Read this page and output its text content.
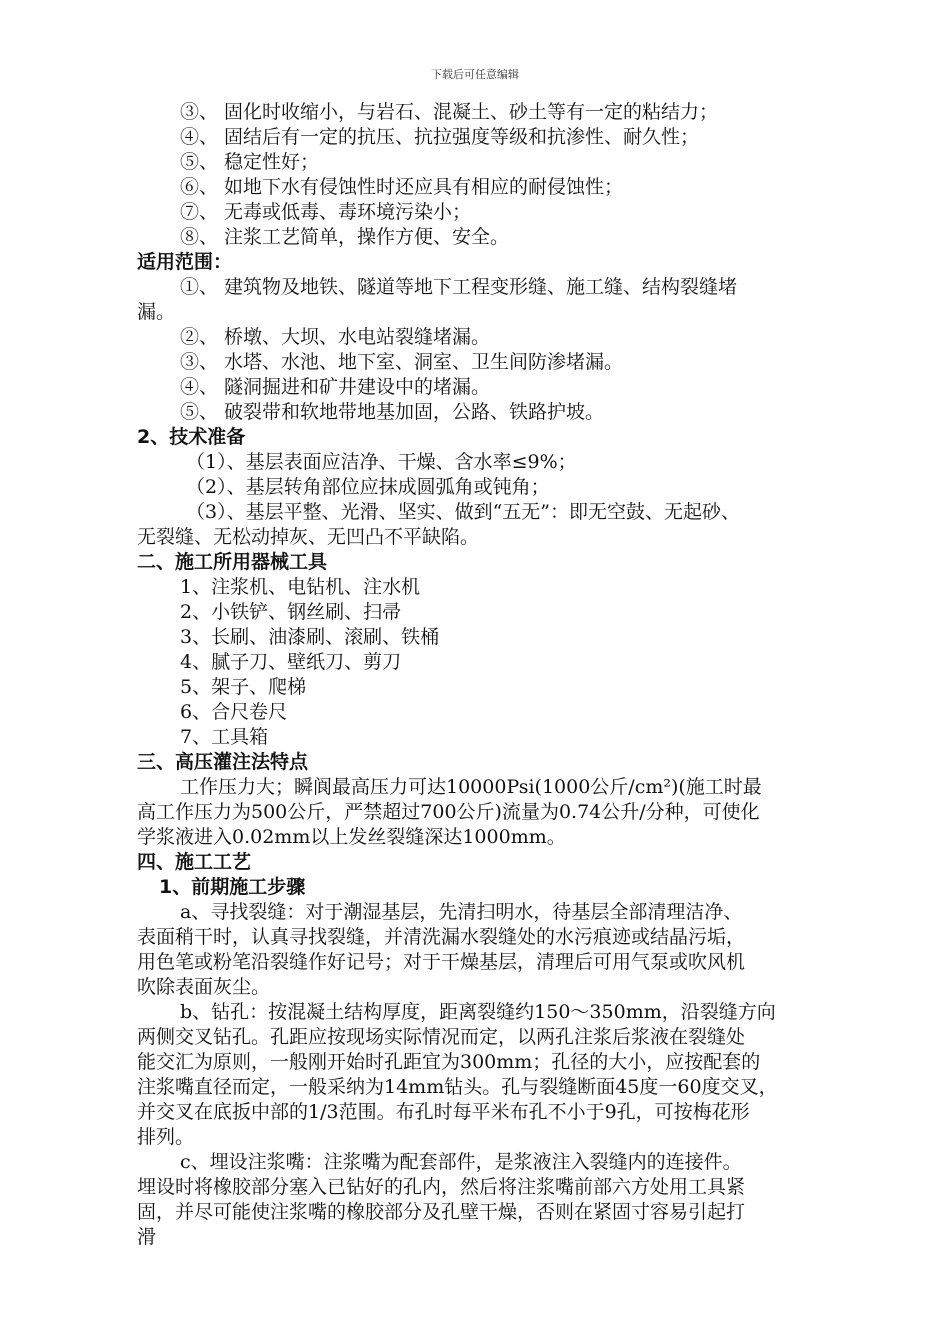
下载后可任意编辑
③、 固化时收缩小，与岩石、混凝土、砂土等有一定的粘结力；
④、 固结后有一定的抗压、抗拉强度等级和抗渗性、耐久性；
⑤、 稳定性好；
⑥、 如地下水有侵蚀性时还应具有相应的耐侵蚀性；
⑦、 无毒或低毒、毒环境污染小；
⑧、 注浆工艺简单，操作方便、安全。
适用范围：
①、 建筑物及地铁、隧道等地下工程变形缝、施工缝、结构裂缝堵
漏。
②、 桥墩、大坝、水电站裂缝堵漏。
③、 水塔、水池、地下室、洞室、卫生间防渗堵漏。
④、 隧洞掘进和矿井建设中的堵漏。
⑤、 破裂带和软地带地基加固，公路、铁路护坡。
2、技术准备
（1）、基层表面应洁净、干燥、含水率≤9%；
（2）、基层转角部位应抹成圆弧角或钝角；
（3）、基层平整、光滑、坚实、做到“五无”：即无空鼓、无起砂、
无裂缝、无松动掉灰、无凹凸不平缺陷。
二、施工所用器械工具
1、注浆机、电钻机、注水机
2、小铁铲、钢丝刷、扫帚
3、长刷、油漆刷、滚刷、铁桶
4、腻子刀、壁纸刀、剪刀
5、架子、爬梯
6、合尺卷尺
7、工具箱
三、高压灌注法特点
工作压力大；瞬阆最高压力可达10000Psi(1000公斤/cm²)(施工时最
高工作压力为500公斤，严禁超过700公斤)流量为0.74公升/分种，可使化
学浆液进入0.02mm以上发丝裂缝深达1000mm。
四、施工工艺
1、前期施工步骤
a、寻找裂缝：对于潮湿基层，先清扫明水，待基层全部清理洁净、
表面稍干时，认真寻找裂缝，并清洗漏水裂缝处的水污痕迹或结晶污垢，
用色笔或粉笔沿裂缝作好记号；对于干燥基层，清理后可用气泵或吹风机
吹除表面灰尘。
b、钻孔：按混凝土结构厚度，距离裂缝约150～350mm，沿裂缝方向
两侧交叉钻孔。孔距应按现场实际情况而定，以两孔注浆后浆液在裂缝处
能交汇为原则，一般刚开始时孔距宜为300mm；孔径的大小，应按配套的
注浆嘴直径而定，一般采纳为14mm钻头。孔与裂缝断面45度一60度交叉，
并交叉在底扳中部的1/3范围。布孔时每平米布孔不小于9孔，可按梅花形
排列。
c、埋设注浆嘴：注浆嘴为配套部件，是浆液注入裂缝内的连接件。
埋设时将橡胶部分塞入已钻好的孔内，然后将注浆嘴前部六方处用工具紧
固，并尽可能使注浆嘴的橡胶部分及孔壁干燥，否则在紧固寸容易引起打
滑
